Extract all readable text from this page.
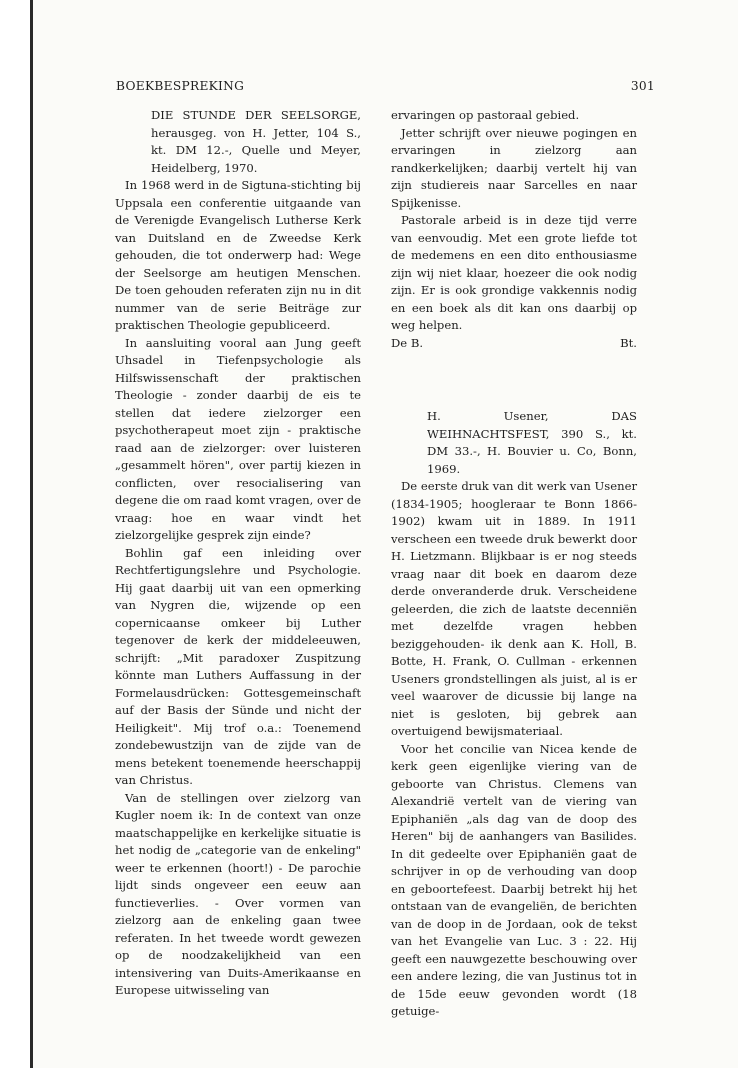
BOEKBESPREKING	301

DIE STUNDE DER SEELSORGE, herausgeg. von H. Jetter, 104 S., kt. DM 12.-, Quelle und Meyer, Heidelberg, 1970.

In 1968 werd in de Sigtuna-stichting bij Uppsala een conferentie uitgaande van de Verenigde Evangelisch Lutherse Kerk van Duitsland en de Zweedse Kerk gehouden, die tot onderwerp had: Wege der Seelsorge am heutigen Menschen. De toen gehouden referaten zijn nu in dit nummer van de serie Beiträge zur praktischen Theologie gepubliceerd.

In aansluiting vooral aan Jung geeft Uhsadel in Tiefenpsychologie als Hilfswissenschaft der praktischen Theologie - zonder daarbij de eis te stellen dat iedere zielzorger een psychotherapeut moet zijn - praktische raad aan de zielzorger: over luisteren „gesammelt hören", over partij kiezen in conflicten, over resocialisering van degene die om raad komt vragen, over de vraag: hoe en waar vindt het zielzorgelijke gesprek zijn einde?

Bohlin gaf een inleiding over Rechtfertigungslehre und Psychologie. Hij gaat daarbij uit van een opmerking van Nygren die, wijzende op een copernicaanse omkeer bij Luther tegenover de kerk der middeleeuwen, schrijft: „Mit paradoxer Zuspitzung könnte man Luthers Auffassung in der Formelausdrücken: Gottesgemeinschaft auf der Basis der Sünde und nicht der Heiligkeit". Mij trof o.a.: Toenemend zondebewustzijn van de zijde van de mens betekent toenemende heerschappij van Christus.

Van de stellingen over zielzorg van Kugler noem ik: In de context van onze maatschappelijke en kerkelijke situatie is het nodig de „categorie van de enkeling" weer te erkennen (hoort!) - De parochie lijdt sinds ongeveer een eeuw aan functieverlies. - Over vormen van zielzorg aan de enkeling gaan twee referaten. In het tweede wordt gewezen op de noodzakelijkheid van een intensivering van Duits-Amerikaanse en Europese uitwisseling van

ervaringen op pastoraal gebied.

Jetter schrijft over nieuwe pogingen en ervaringen in zielzorg aan randkerkelijken; daarbij vertelt hij van zijn studiereis naar Sarcelles en naar Spijkenisse.

Pastorale arbeid is in deze tijd verre van eenvoudig. Met een grote liefde tot de medemens en een dito enthousiasme zijn wij niet klaar, hoezeer die ook nodig zijn. Er is ook grondige vakkennis nodig en een boek als dit kan ons daarbij op weg helpen.

De B.	Bt.

H. Usener, DAS WEIHNACHTSFEST, 390 S., kt. DM 33.-, H. Bouvier u. Co, Bonn, 1969.

De eerste druk van dit werk van Usener (1834-1905; hoogleraar te Bonn 1866-1902) kwam uit in 1889. In 1911 verscheen een tweede druk bewerkt door H. Lietzmann. Blijkbaar is er nog steeds vraag naar dit boek en daarom deze derde onveranderde druk. Verscheidene geleerden, die zich de laatste decenniën met dezelfde vragen hebben beziggehouden- ik denk aan K. Holl, B. Botte, H. Frank, O. Cullman - erkennen Useners grondstellingen als juist, al is er veel waarover de dicussie bij lange na niet is gesloten, bij gebrek aan overtuigend bewijsmateriaal.

Voor het concilie van Nicea kende de kerk geen eigenlijke viering van de geboorte van Christus. Clemens van Alexandrië vertelt van de viering van Epiphaniën „als dag van de doop des Heren" bij de aanhangers van Basilides. In dit gedeelte over Epiphaniën gaat de schrijver in op de verhouding van doop en geboortefeest. Daarbij betrekt hij het ontstaan van de evangeliën, de berichten van de doop in de Jordaan, ook de tekst van het Evangelie van Luc. 3 : 22. Hij geeft een nauwgezette beschouwing over een andere lezing, die van Justinus tot in de 15de eeuw gevonden wordt (18 getuige-
